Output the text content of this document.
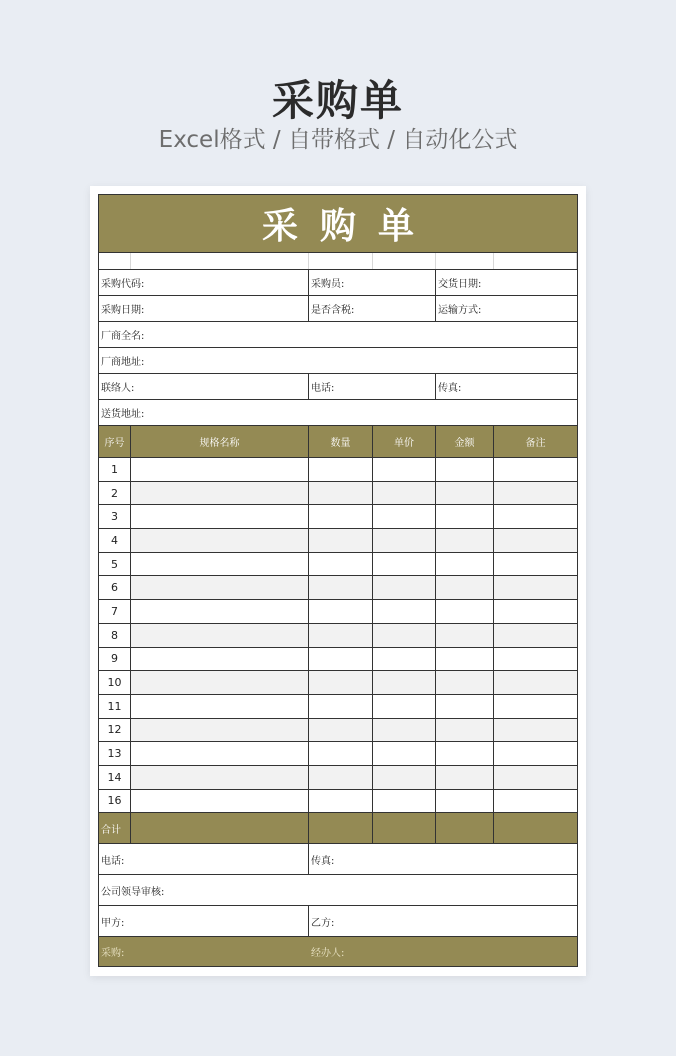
采购单
Excel格式 / 自带格式 / 自动化公式
采购单
采购代码:	采购员:	交货日期:
采购日期:	是否含税:	运输方式:
厂商全名:
厂商地址:
联络人:	电话:	传真:
送货地址:
序号	规格名称	数量	单价	金额	备注
1
2
3
4
5
6
7
8
9
10
11
12
13
14
16
合计
电话:	传真:
公司领导审核:
甲方:	乙方:
采购:	经办人:
